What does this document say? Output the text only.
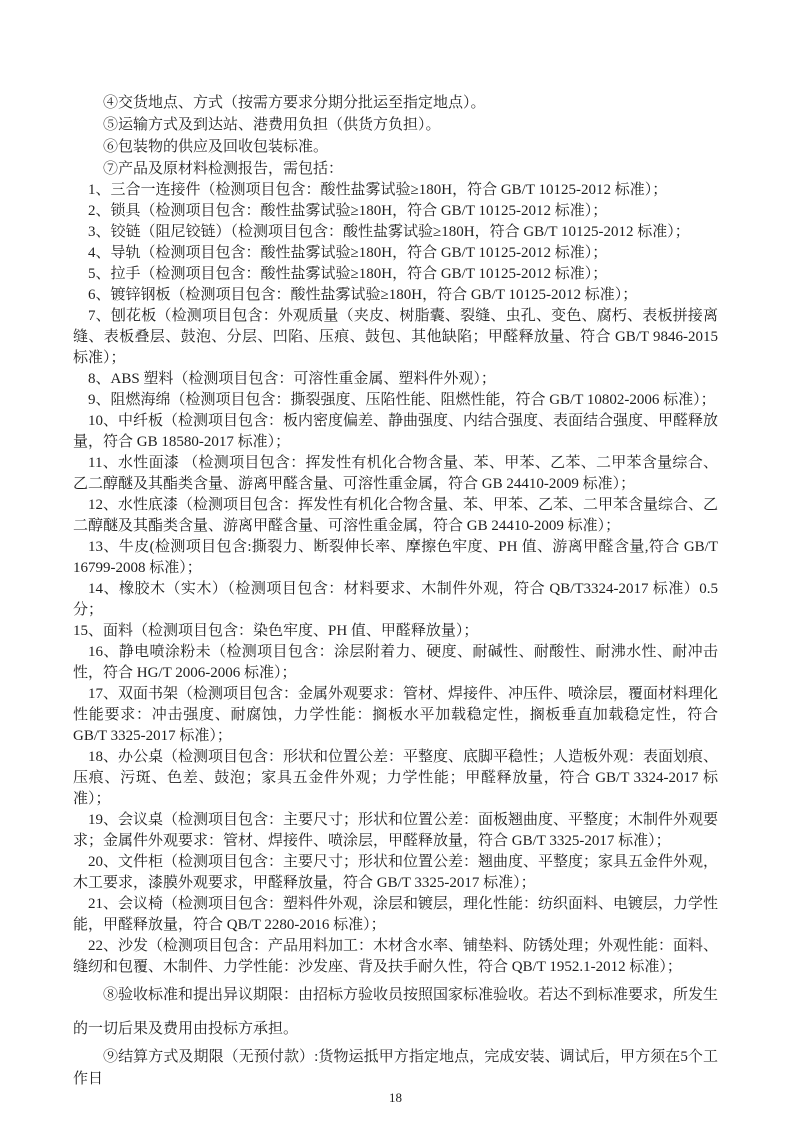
④交货地点、方式（按需方要求分期分批运至指定地点）。

⑤运输方式及到达站、港费用负担（供货方负担）。

⑥包装物的供应及回收包装标准。

⑦产品及原材料检测报告，需包括：

1、三合一连接件（检测项目包含：酸性盐雾试验≥180H，符合 GB/T 10125-2012 标准）；

2、锁具（检测项目包含：酸性盐雾试验≥180H，符合 GB/T 10125-2012 标准）；

3、铰链（阻尼铰链）（检测项目包含：酸性盐雾试验≥180H，符合 GB/T 10125-2012 标准）；

4、导轨（检测项目包含：酸性盐雾试验≥180H，符合 GB/T 10125-2012 标准）；

5、拉手（检测项目包含：酸性盐雾试验≥180H，符合 GB/T 10125-2012 标准）；

6、镀锌钢板（检测项目包含：酸性盐雾试验≥180H，符合 GB/T 10125-2012 标准）；

7、刨花板（检测项目包含：外观质量（夹皮、树脂囊、裂缝、虫孔、变色、腐朽、表板拼接离缝、表板叠层、鼓泡、分层、凹陷、压痕、鼓包、其他缺陷；甲醛释放量、符合 GB/T 9846-2015 标准）；

8、ABS 塑料（检测项目包含：可溶性重金属、塑料件外观）；

9、阻燃海绵（检测项目包含：撕裂强度、压陷性能、阻燃性能，符合 GB/T 10802-2006 标准）；

10、中纤板（检测项目包含：板内密度偏差、静曲强度、内结合强度、表面结合强度、甲醛释放量，符合 GB 18580-2017 标准）；

11、水性面漆 （检测项目包含：挥发性有机化合物含量、苯、甲苯、乙苯、二甲苯含量综合、乙二醇醚及其酯类含量、游离甲醛含量、可溶性重金属，符合 GB 24410-2009 标准）；

12、水性底漆（检测项目包含：挥发性有机化合物含量、苯、甲苯、乙苯、二甲苯含量综合、乙二醇醚及其酯类含量、游离甲醛含量、可溶性重金属，符合 GB 24410-2009 标准）；

13、牛皮(检测项目包含:撕裂力、断裂伸长率、摩擦色牢度、PH 值、游离甲醛含量,符合 GB/T 16799-2008 标准）；

14、橡胶木（实木）（检测项目包含：材料要求、木制件外观，符合 QB/T3324-2017 标准）0.5 分；

15、面料（检测项目包含：染色牢度、PH 值、甲醛释放量）；

16、静电喷涂粉未（检测项目包含：涂层附着力、硬度、耐碱性、耐酸性、耐沸水性、耐冲击性，符合 HG/T 2006-2006 标准）；

17、双面书架（检测项目包含：金属外观要求：管材、焊接件、冲压件、喷涂层，覆面材料理化性能要求：冲击强度、耐腐蚀，力学性能：搁板水平加载稳定性，搁板垂直加载稳定性，符合 GB/T 3325-2017 标准）；

18、办公桌（检测项目包含：形状和位置公差：平整度、底脚平稳性；人造板外观：表面划痕、压痕、污斑、色差、鼓泡；家具五金件外观；力学性能；甲醛释放量，符合 GB/T 3324-2017 标准）；

19、会议桌（检测项目包含：主要尺寸；形状和位置公差：面板翘曲度、平整度；木制件外观要求；金属件外观要求：管材、焊接件、喷涂层，甲醛释放量，符合 GB/T 3325-2017 标准）；

20、文件柜（检测项目包含：主要尺寸；形状和位置公差：翘曲度、平整度；家具五金件外观，木工要求，漆膜外观要求，甲醛释放量，符合 GB/T 3325-2017 标准）；

21、会议椅（检测项目包含：塑料件外观，涂层和镀层，理化性能：纺织面料、电镀层，力学性能，甲醛释放量，符合 QB/T 2280-2016 标准）；

22、沙发（检测项目包含：产品用料加工：木材含水率、铺垫料、防锈处理；外观性能：面料、缝纫和包覆、木制件、力学性能：沙发座、背及扶手耐久性，符合 QB/T 1952.1-2012 标准）；

⑧验收标准和提出异议期限：由招标方验收员按照国家标准验收。若达不到标准要求，所发生的一切后果及费用由投标方承担。

⑨结算方式及期限（无预付款）:货物运抵甲方指定地点，完成安装、调试后，甲方须在5个工作日

18
